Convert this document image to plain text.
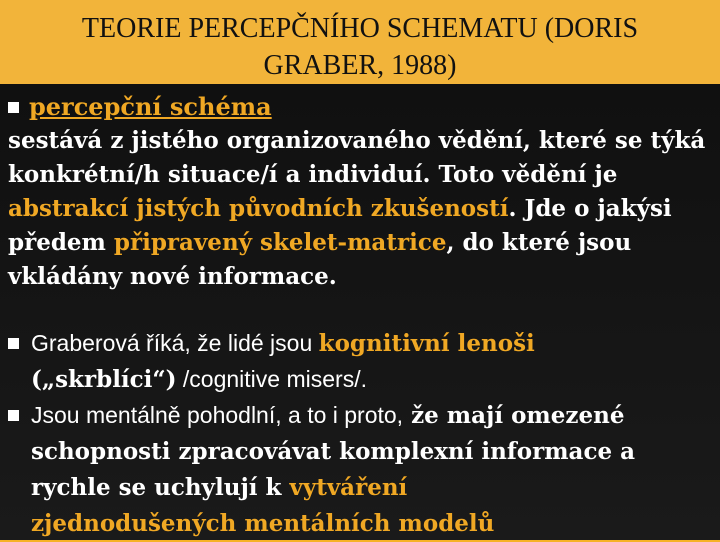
TEORIE PERCEPČNÍHO SCHEMATU (DORIS
GRABER, 1988)
percepční schéma

sestává z jistého organizovaného vědění, které se týká konkrétní/h situace/í a individuí. Toto vědění je abstrakcí jistých původních zkušeností. Jde o jakýsi předem připravený skelet-matrice, do které jsou vkládány nové informace.

Graberová říká, že lidé jsou kognitivní lenoši
(„skrblíci“) /cognitive misers/.
Jsou mentálně pohodlní, a to i proto, že mají omezené schopnosti zpracovávat komplexní informace a rychle se uchylují k vytváření
zjednodušených mentálních modelů
